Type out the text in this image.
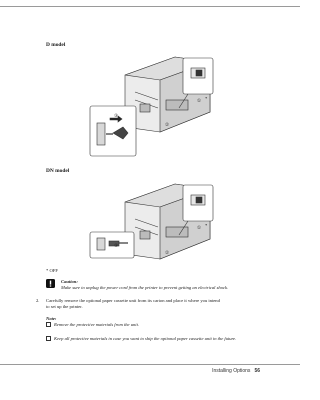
D model
① *
②
③
DN model
① *
②
③
* OFF
Caution:
Make sure to unplug the power cord from the printer to prevent getting an electrical shock.
2. Carefully remove the optional paper cassette unit from its carton and place it where you intend
to set up the printer.
Note:
Remove the protective materials from the unit.
Keep all protective materials in case you want to ship the optional paper cassette unit in the future.
Installing Options 56
